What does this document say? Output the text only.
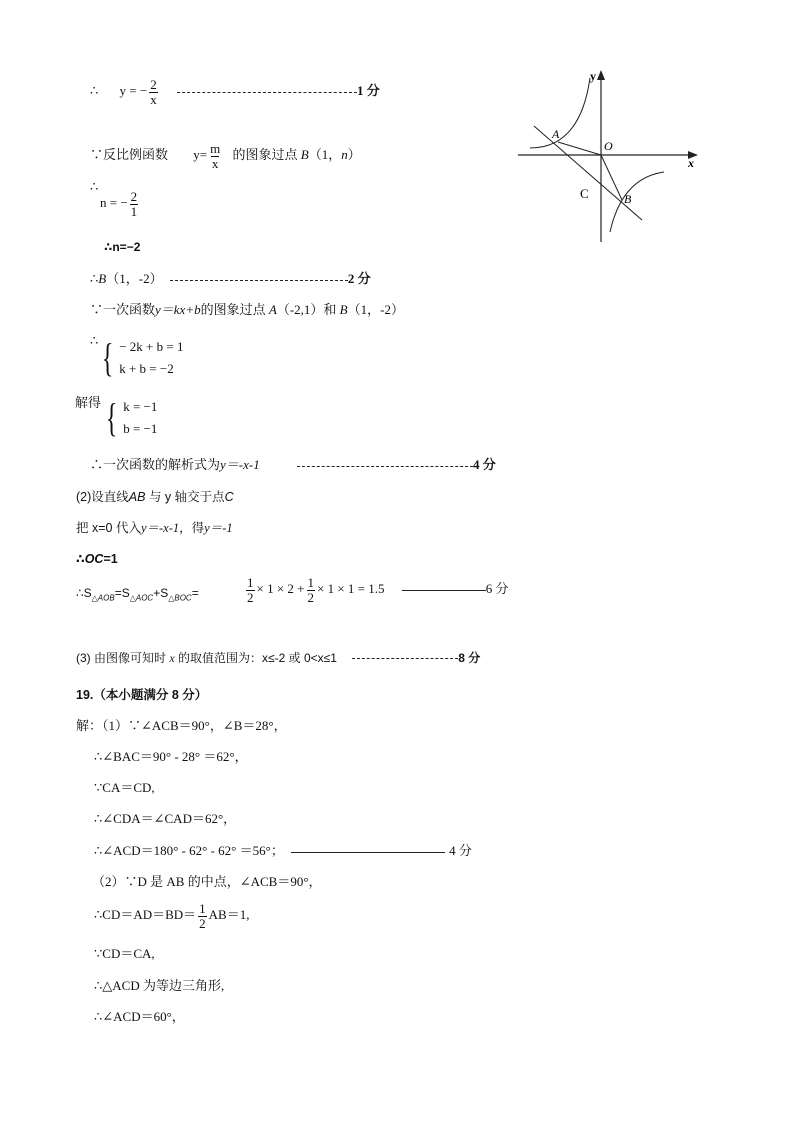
∴ y = − $\frac{2}{x}$	1 分
∵反比例函数 $y= \frac{m}{x}$ 的图象过点 B（1，n）
∴
n = − $\frac{2}{1}$
∴n=−2
∴B（1，-2）	2 分
∵一次函数y＝kx+b的图象过点 A（-2,1）和 B（1，-2）
∴ { − 2k + b = 1
k + b = −2
解得 { k = −1
b = −1
∴一次函数的解析式为y＝-x-1	4 分
(2)设直线AB 与 y 轴交于点C
把 x=0 代入y＝-x-1，得y＝-1
∴OC=1
$\therefore S_{\triangle AOB}=S_{\triangle AOC}+S_{\triangle BOC}=$	$\frac{1}{2} \times 1 \times 2 + \frac{1}{2} \times 1 \times 1 = 1.5$	6 分
(3) 由图像可知时 x 的取值范围为：x≤-2 或 0<x≤1	8 分
19.（本小题满分 8 分）
解：（1）∵∠ACB＝90°，∠B＝28°，
∴∠BAC＝90° - 28° ＝62°，
∵CA＝CD,
∴∠CDA＝∠CAD＝62°，
∴∠ACD＝180° - 62° - 62° ＝56°；	4 分
（2）∵D 是 AB 的中点，∠ACB＝90°，
∴CD＝AD＝BD＝ $\frac{1}{2} AB=1$,
∵CD＝CA,
∴△ACD 为等边三角形,
∴∠ACD＝60°，
y
x
A
O
C	B
